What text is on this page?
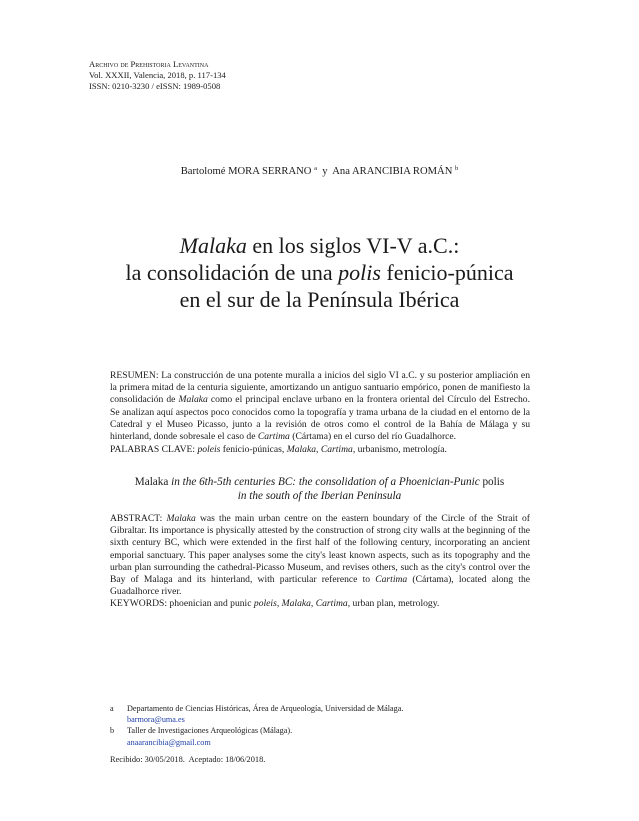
Archivo de Prehistoria Levantina
Vol. XXXII, Valencia, 2018, p. 117-134
ISSN: 0210-3230 / eISSN: 1989-0508
Bartolomé MORA SERRANO $^a$  y  Ana ARANCIBIA ROMÁN $^b$
Malaka en los siglos VI-V a.C.:
la consolidación de una polis fenicio-púnica
en el sur de la Península Ibérica
RESUMEN: La construcción de una potente muralla a inicios del siglo VI a.C. y su posterior ampliación en la primera mitad de la centuria siguiente, amortizando un antiguo santuario empórico, ponen de manifiesto la consolidación de Malaka como el principal enclave urbano en la frontera oriental del Círculo del Estrecho. Se analizan aquí aspectos poco conocidos como la topografía y trama urbana de la ciudad en el entorno de la Catedral y el Museo Picasso, junto a la revisión de otros como el control de la Bahía de Málaga y su hinterland, donde sobresale el caso de Cartima (Cártama) en el curso del río Guadalhorce.
PALABRAS CLAVE: poleis fenicio-púnicas, Malaka, Cartima, urbanismo, metrología.
Malaka in the 6th-5th centuries BC: the consolidation of a Phoenician-Punic polis
in the south of the Iberian Peninsula
ABSTRACT: Malaka was the main urban centre on the eastern boundary of the Circle of the Strait of Gibraltar. Its importance is physically attested by the construction of strong city walls at the beginning of the sixth century BC, which were extended in the first half of the following century, incorporating an ancient emporial sanctuary. This paper analyses some the city's least known aspects, such as its topography and the urban plan surrounding the cathedral-Picasso Museum, and revises others, such as the city's control over the Bay of Malaga and its hinterland, with particular reference to Cartima (Cártama), located along the Guadalhorce river.
KEYWORDS: phoenician and punic poleis, Malaka, Cartima, urban plan, metrology.
a Departamento de Ciencias Históricas, Área de Arqueología, Universidad de Málaga.
barmora@uma.es
b Taller de Investigaciones Arqueológicas (Málaga).
anaarancibia@gmail.com
Recibido: 30/05/2018.  Aceptado: 18/06/2018.
